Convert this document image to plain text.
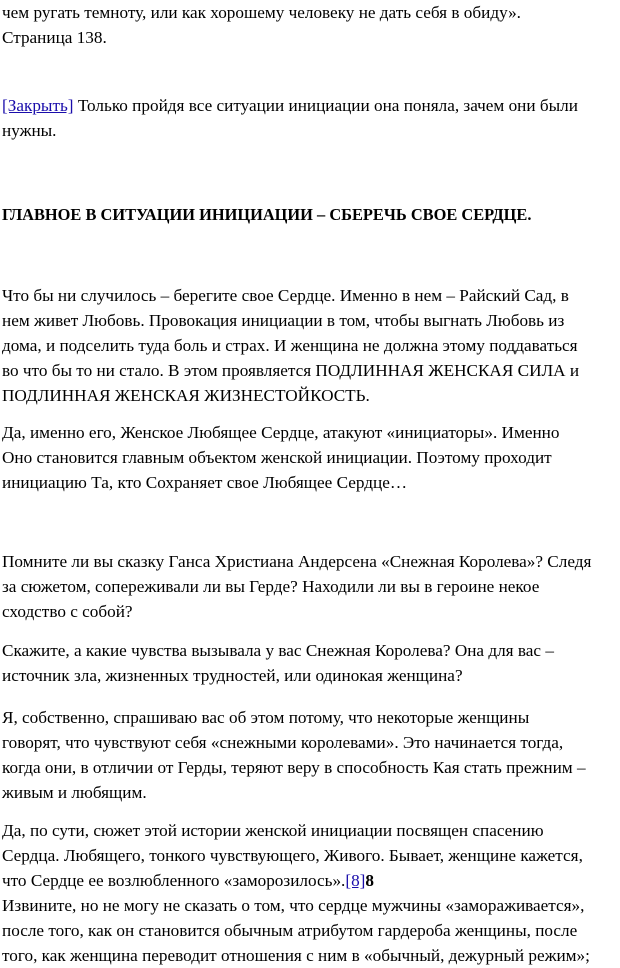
чем ругать темноту, или как хорошему человеку не дать себя в обиду».
Страница 138.
[Закрыть] Только пройдя все ситуации инициации она поняла, зачем они были
нужны.
ГЛАВНОЕ В СИТУАЦИИ ИНИЦИАЦИИ – СБЕРЕЧЬ СВОЕ СЕРДЦЕ.
Что бы ни случилось – берегите свое Сердце. Именно в нем – Райский Сад, в
нем живет Любовь. Провокация инициации в том, чтобы выгнать Любовь из
дома, и подселить туда боль и страх. И женщина не должна этому поддаваться
во что бы то ни стало. В этом проявляется ПОДЛИННАЯ ЖЕНСКАЯ СИЛА и
ПОДЛИННАЯ ЖЕНСКАЯ ЖИЗНЕСТОЙКОСТЬ.
Да, именно его, Женское Любящее Сердце, атакуют «инициаторы». Именно
Оно становится главным объектом женской инициации. Поэтому проходит
инициацию Та, кто Сохраняет свое Любящее Сердце…
Помните ли вы сказку Ганса Христиана Андерсена «Снежная Королева»? Следя
за сюжетом, сопереживали ли вы Герде? Находили ли вы в героине некое
сходство с собой?
Скажите, а какие чувства вызывала у вас Снежная Королева? Она для вас –
источник зла, жизненных трудностей, или одинокая женщина?
Я, собственно, спрашиваю вас об этом потому, что некоторые женщины
говорят, что чувствуют себя «снежными королевами». Это начинается тогда,
когда они, в отличии от Герды, теряют веру в способность Кая стать прежним –
живым и любящим.
Да, по сути, сюжет этой истории женской инициации посвящен спасению
Сердца. Любящего, тонкого чувствующего, Живого. Бывает, женщине кажется,
что Сердце ее возлюбленного «заморозилось».[8]8
Извините, но не могу не сказать о том, что сердце мужчины «замораживается»,
после того, как он становится обычным атрибутом гардероба женщины, после
того, как женщина переводит отношения с ним в «обычный, дежурный режим»;
